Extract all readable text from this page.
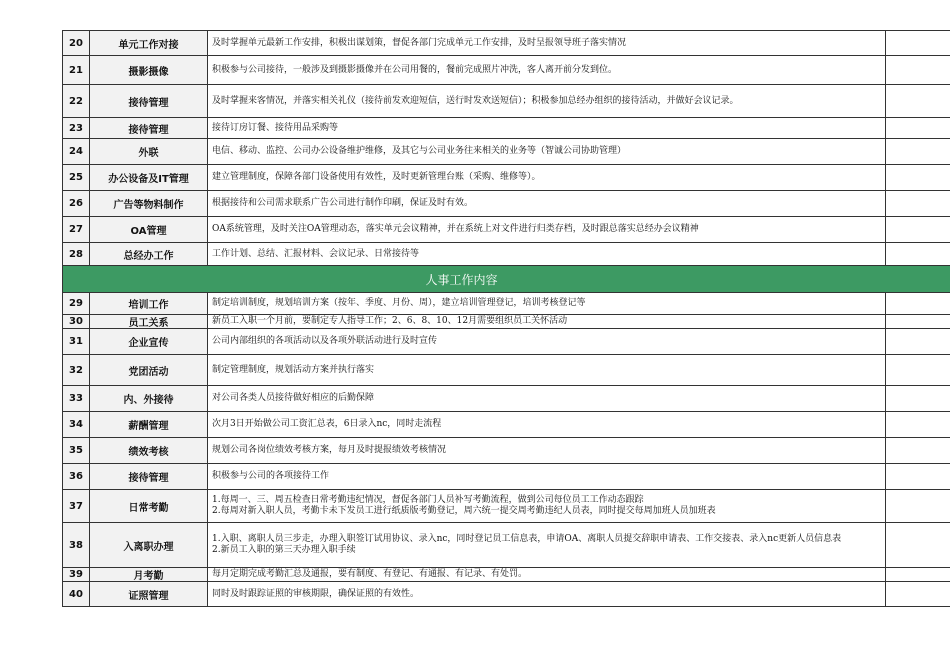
20	单元工作对接	及时掌握单元最新工作安排，积极出谋划策，督促各部门完成单元工作安排，及时呈报领导班子落实情况
21	摄影摄像	积极参与公司接待，一般涉及到摄影摄像并在公司用餐的，餐前完成照片冲洗，客人离开前分发到位。
22	接待管理	及时掌握来客情况，并落实相关礼仪（接待前发欢迎短信，送行时发欢送短信）；积极参加总经办组织的接待活动，并做好会议记录。
23	接待管理	接待订房订餐、接待用品采购等
24	外联	电信、移动、监控、公司办公设备维护维修，及其它与公司业务往来相关的业务等（智诚公司协助管理）
25	办公设备及IT管理	建立管理制度，保障各部门设备使用有效性，及时更新管理台账（采购、维修等）。
26	广告等物料制作	根据接待和公司需求联系广告公司进行制作印刷，保证及时有效。
27	OA管理	OA系统管理，及时关注OA管理动态，落实单元会议精神，并在系统上对文件进行归类存档，及时跟总落实总经办会议精神
28	总经办工作	工作计划、总结、汇报材料、会议记录、日常接待等
人事工作内容
29	培训工作	制定培训制度，规划培训方案（按年、季度、月份、周），建立培训管理登记，培训考核登记等
30	员工关系	新员工入职一个月前，要制定专人指导工作；2、6、8、10、12月需要组织员工关怀活动
31	企业宣传	公司内部组织的各项活动以及各项外联活动进行及时宣传
32	党团活动	制定管理制度，规划活动方案并执行落实
33	内、外接待	对公司各类人员接待做好相应的后勤保障
34	薪酬管理	次月3日开始做公司工资汇总表，6日录入nc，同时走流程
35	绩效考核	规划公司各岗位绩效考核方案，每月及时提报绩效考核情况
36	接待管理	积极参与公司的各项接待工作
37	日常考勤
1.每周一、三、周五检查日常考勤违纪情况，督促各部门人员补写考勤流程，做到公司每位员工工作动态跟踪
2.每周对新入职人员，考勤卡未下发员工进行纸质版考勤登记，周六统一提交周考勤违纪人员表，同时提交每周加班人员加班表
38	入离职办理
1.入职、离职人员三步走，办理入职签订试用协议、录入nc，同时登记员工信息表，申请OA、离职人员提交辞职申请表、工作交接表、录入nc更新人员信息表
2.新员工入职的第三天办理入职手续
39	月考勤	每月定期完成考勤汇总及通报，要有制度、有登记、有通报、有记录、有处罚。
40	证照管理	同时及时跟踪证照的审核期限，确保证照的有效性。
